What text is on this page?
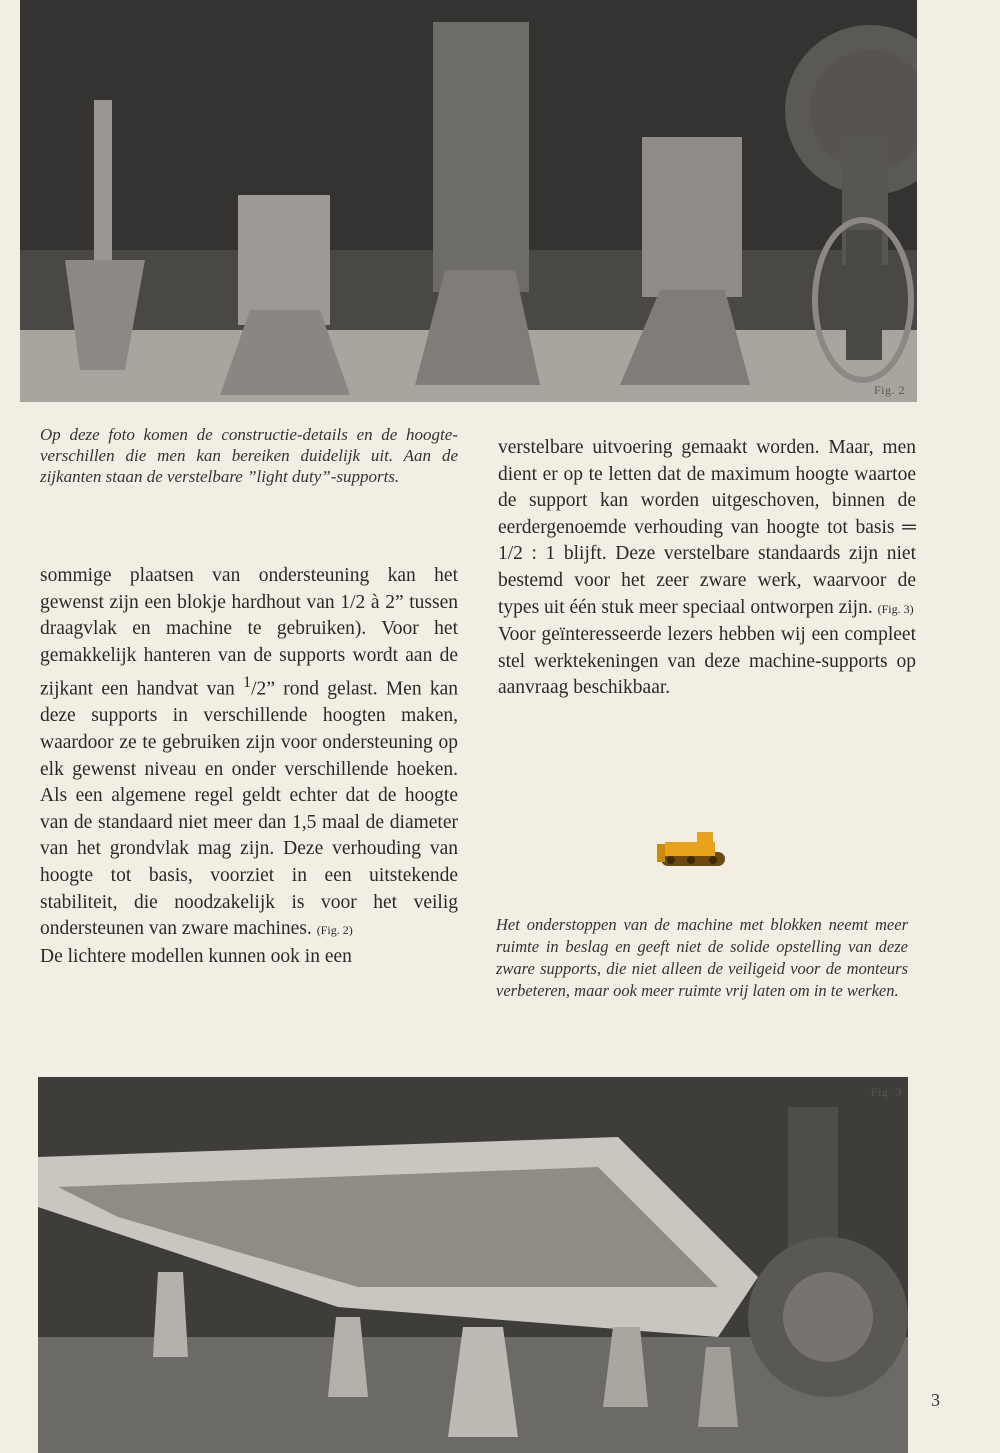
Fig. 2
Op deze foto komen de constructie-details en de hoogte-verschillen die men kan bereiken duidelijk uit. Aan de zijkanten staan de verstelbare ”light duty”-supports.

sommige plaatsen van ondersteuning kan het gewenst zijn een blokje hardhout van 1/2 à 2” tussen draagvlak en machine te gebruiken). Voor het gemakkelijk hanteren van de supports wordt aan de zijkant een handvat van $^1$/2” rond gelast. Men kan deze supports in verschillende hoogten maken, waardoor ze te gebruiken zijn voor ondersteuning op elk gewenst niveau en onder verschillende hoeken. Als een algemene regel geldt echter dat de hoogte van de standaard niet meer dan 1,5 maal de diameter van het grondvlak mag zijn. Deze verhouding van hoogte tot basis, voorziet in een uitstekende stabiliteit, die noodzakelijk is voor het veilig ondersteunen van zware machines. (Fig. 2)

De lichtere modellen kunnen ook in een

verstelbare uitvoering gemaakt worden. Maar, men dient er op te letten dat de maximum hoogte waartoe de support kan worden uitgeschoven, binnen de eerdergenoemde verhouding van hoogte tot basis ═ 1/2 : 1 blijft. Deze verstelbare standaards zijn niet bestemd voor het zeer zware werk, waarvoor de types uit één stuk meer speciaal ontworpen zijn. (Fig. 3)

Voor geïnteresseerde lezers hebben wij een compleet stel werktekeningen van deze machine-supports op aanvraag beschikbaar.

Het onderstoppen van de machine met blokken neemt meer ruimte in beslag en geeft niet de solide opstelling van deze zware supports, die niet alleen de veiligeid voor de monteurs verbeteren, maar ook meer ruimte vrij laten om in te werken.
Fig. 3
3
